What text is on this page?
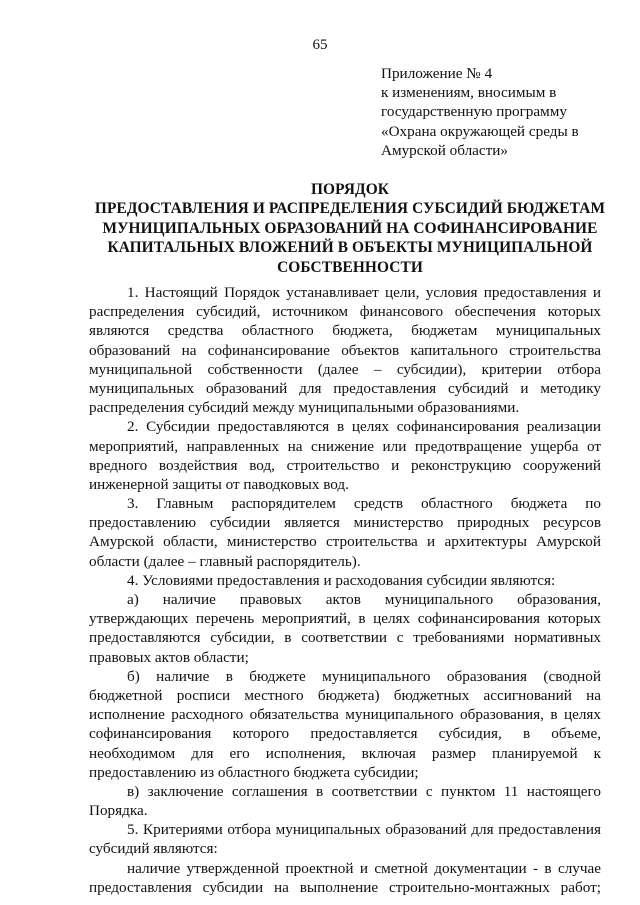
65
Приложение № 4
к изменениям, вносимым в
государственную программу
«Охрана окружающей среды в
Амурской области»
ПОРЯДОК
ПРЕДОСТАВЛЕНИЯ И РАСПРЕДЕЛЕНИЯ СУБСИДИЙ БЮДЖЕТАМ
МУНИЦИПАЛЬНЫХ ОБРАЗОВАНИЙ НА СОФИНАНСИРОВАНИЕ
КАПИТАЛЬНЫХ ВЛОЖЕНИЙ В ОБЪЕКТЫ МУНИЦИПАЛЬНОЙ
СОБСТВЕННОСТИ
1. Настоящий Порядок устанавливает цели, условия предоставления и
распределения субсидий, источником финансового обеспечения которых
являются средства областного бюджета, бюджетам муниципальных
образований на софинансирование объектов капитального строительства
муниципальной собственности (далее – субсидии), критерии отбора
муниципальных образований для предоставления субсидий и методику
распределения субсидий между муниципальными образованиями.
2. Субсидии предоставляются в целях софинансирования реализации
мероприятий, направленных на снижение или предотвращение ущерба от
вредного воздействия вод, строительство и реконструкцию сооружений
инженерной защиты от паводковых вод.
3. Главным распорядителем средств областного бюджета по
предоставлению субсидии является министерство природных ресурсов
Амурской области, министерство строительства и архитектуры Амурской
области (далее – главный распорядитель).
4. Условиями предоставления и расходования субсидии являются:
а) наличие правовых актов муниципального образования,
утверждающих перечень мероприятий, в целях софинансирования которых
предоставляются субсидии, в соответствии с требованиями нормативных
правовых актов области;
б) наличие в бюджете муниципального образования (сводной
бюджетной росписи местного бюджета) бюджетных ассигнований на
исполнение расходного обязательства муниципального образования, в целях
софинансирования которого предоставляется субсидия, в объеме,
необходимом для его исполнения, включая размер планируемой к
предоставлению из областного бюджета субсидии;
в) заключение соглашения в соответствии с пунктом 11 настоящего
Порядка.
5. Критериями отбора муниципальных образований для предоставления
субсидий являются:
наличие утвержденной проектной и сметной документации - в случае
предоставления субсидии на выполнение строительно-монтажных работ;
